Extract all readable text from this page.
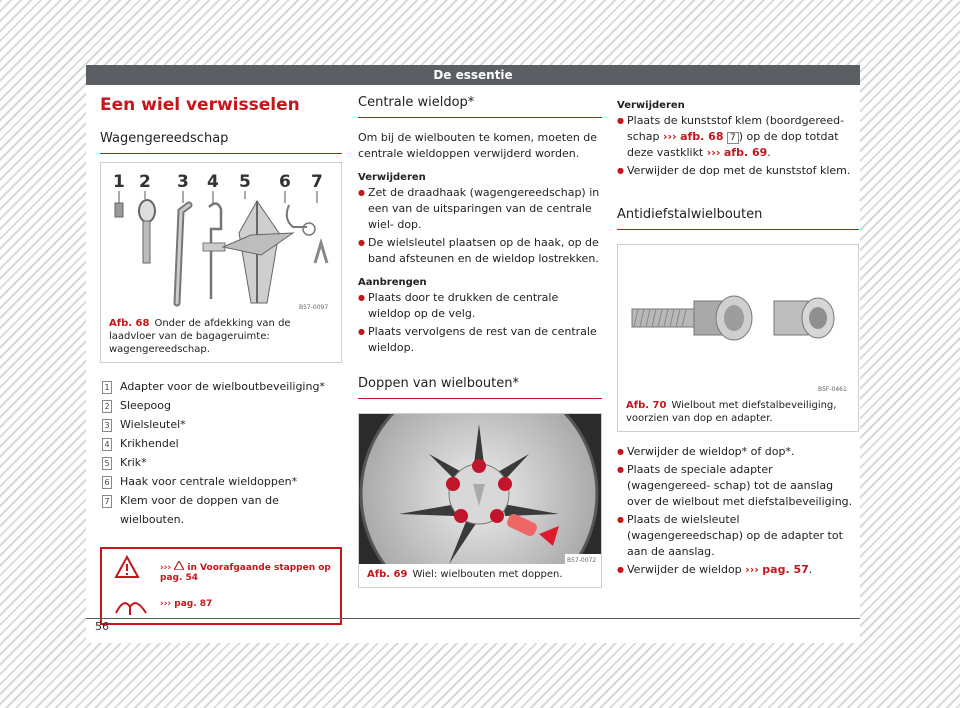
De essentie
Een wiel verwisselen
Wagengereedschap
1 2 3 4 5 6 7
B57-0097
Afb. 68 Onder de afdekking van de laadvloer van de bagageruimte: wagengereedschap.
1 Adapter voor de wielboutbeveiliging*
2 Sleepoog
3 Wielsleutel*
4 Krikhendel
5 Krik*
6 Haak voor centrale wieldoppen*
7 Klem voor de doppen van de wielbouten.
››› in Voorafgaande stappen op pag. 54
››› pag. 87
Centrale wieldop*

Om bij de wielbouten te komen, moeten de centrale wieldoppen verwijderd worden.

Verwijderen
● Zet de draadhaak (wagengereedschap) in een van de uitsparingen van de centrale wiel- dop.
● De wielsleutel plaatsen op de haak, op de band afsteunen en de wieldop lostrekken.
Aanbrengen
● Plaats door te drukken de centrale wieldop op de velg.
● Plaats vervolgens de rest van de centrale wieldop.
Doppen van wielbouten*
B57-0072
Afb. 69 Wiel: wielbouten met doppen.
Verwijderen
● Plaats de kunststof klem (boordgereed- schap ››› afb. 68 7 ) op de dop totdat deze vastklikt ››› afb. 69.
● Verwijder de dop met de kunststof klem.
Antidiefstalwielbouten
B5F-0461
Afb. 70 Wielbout met diefstalbeveiliging, voorzien van dop en adapter.
● Verwijder de wieldop* of dop*.
● Plaats de speciale adapter (wagengereed- schap) tot de aanslag over de wielbout met diefstalbeveiliging.
● Plaats de wielsleutel (wagengereedschap) op de adapter tot aan de aanslag.
● Verwijder de wieldop ››› pag. 57.
56
